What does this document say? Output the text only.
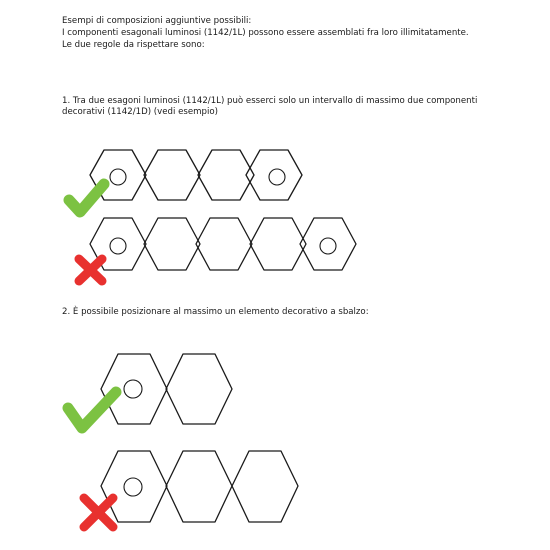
Esempi di composizioni aggiuntive possibili:
I componenti esagonali luminosi (1142/1L) possono essere assemblati fra loro illimitatamente.
Le due regole da rispettare sono:
1. Tra due esagoni luminosi (1142/1L) può esserci solo un intervallo di massimo due componenti decorativi (1142/1D) (vedi esempio)
2. È possibile posizionare al massimo un elemento decorativo a sbalzo:
